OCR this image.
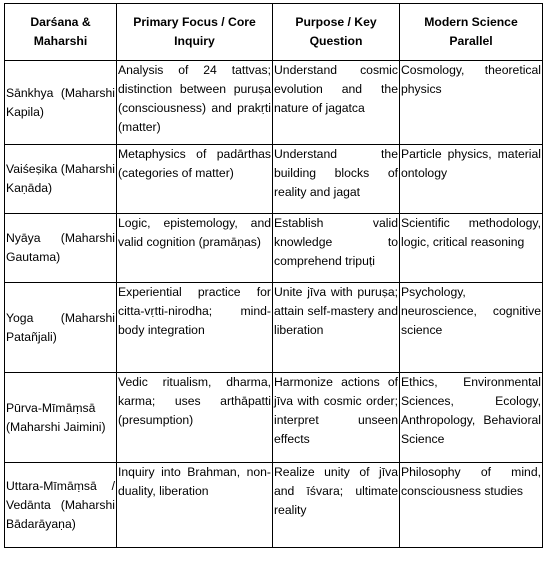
Darśana & Maharshi	Primary Focus / Core Inquiry	Purpose / Key Question	Modern Science Parallel
Sānkhya (Maharshi Kapila)	Analysis of 24 tattvas; distinction between puruṣa (consciousness) and prakṛti (matter)	Understand cosmic evolution and the nature of jagatca	Cosmology, theoretical physics
Vaiśeṣika (Maharshi Kaṇāda)	Metaphysics of padārthas (categories of matter)	Understand the building blocks of reality and jagat	Particle physics, material ontology
Nyāya (Maharshi Gautama)	Logic, epistemology, and valid cognition (pramāṇas)	Establish valid knowledge to comprehend tripuṭi	Scientific methodology, logic, critical reasoning
Yoga (Maharshi Patañjali)	Experiential practice for citta-vṛtti-nirodha; mind-body integration	Unite jīva with puruṣa; attain self-mastery and liberation	Psychology, neuroscience, cognitive science
Pūrva-Mīmāṃsā (Maharshi Jaimini)	Vedic ritualism, dharma, karma; uses arthāpatti (presumption)	Harmonize actions of jīva with cosmic order; interpret unseen effects	Ethics, Environmental Sciences, Ecology, Anthropology, Behavioral Science
Uttara-Mīmāṃsā / Vedānta (Maharshi Bādarāyaṇa)	Inquiry into Brahman, non-duality, liberation	Realize unity of jīva and īśvara; ultimate reality	Philosophy of mind, consciousness studies
